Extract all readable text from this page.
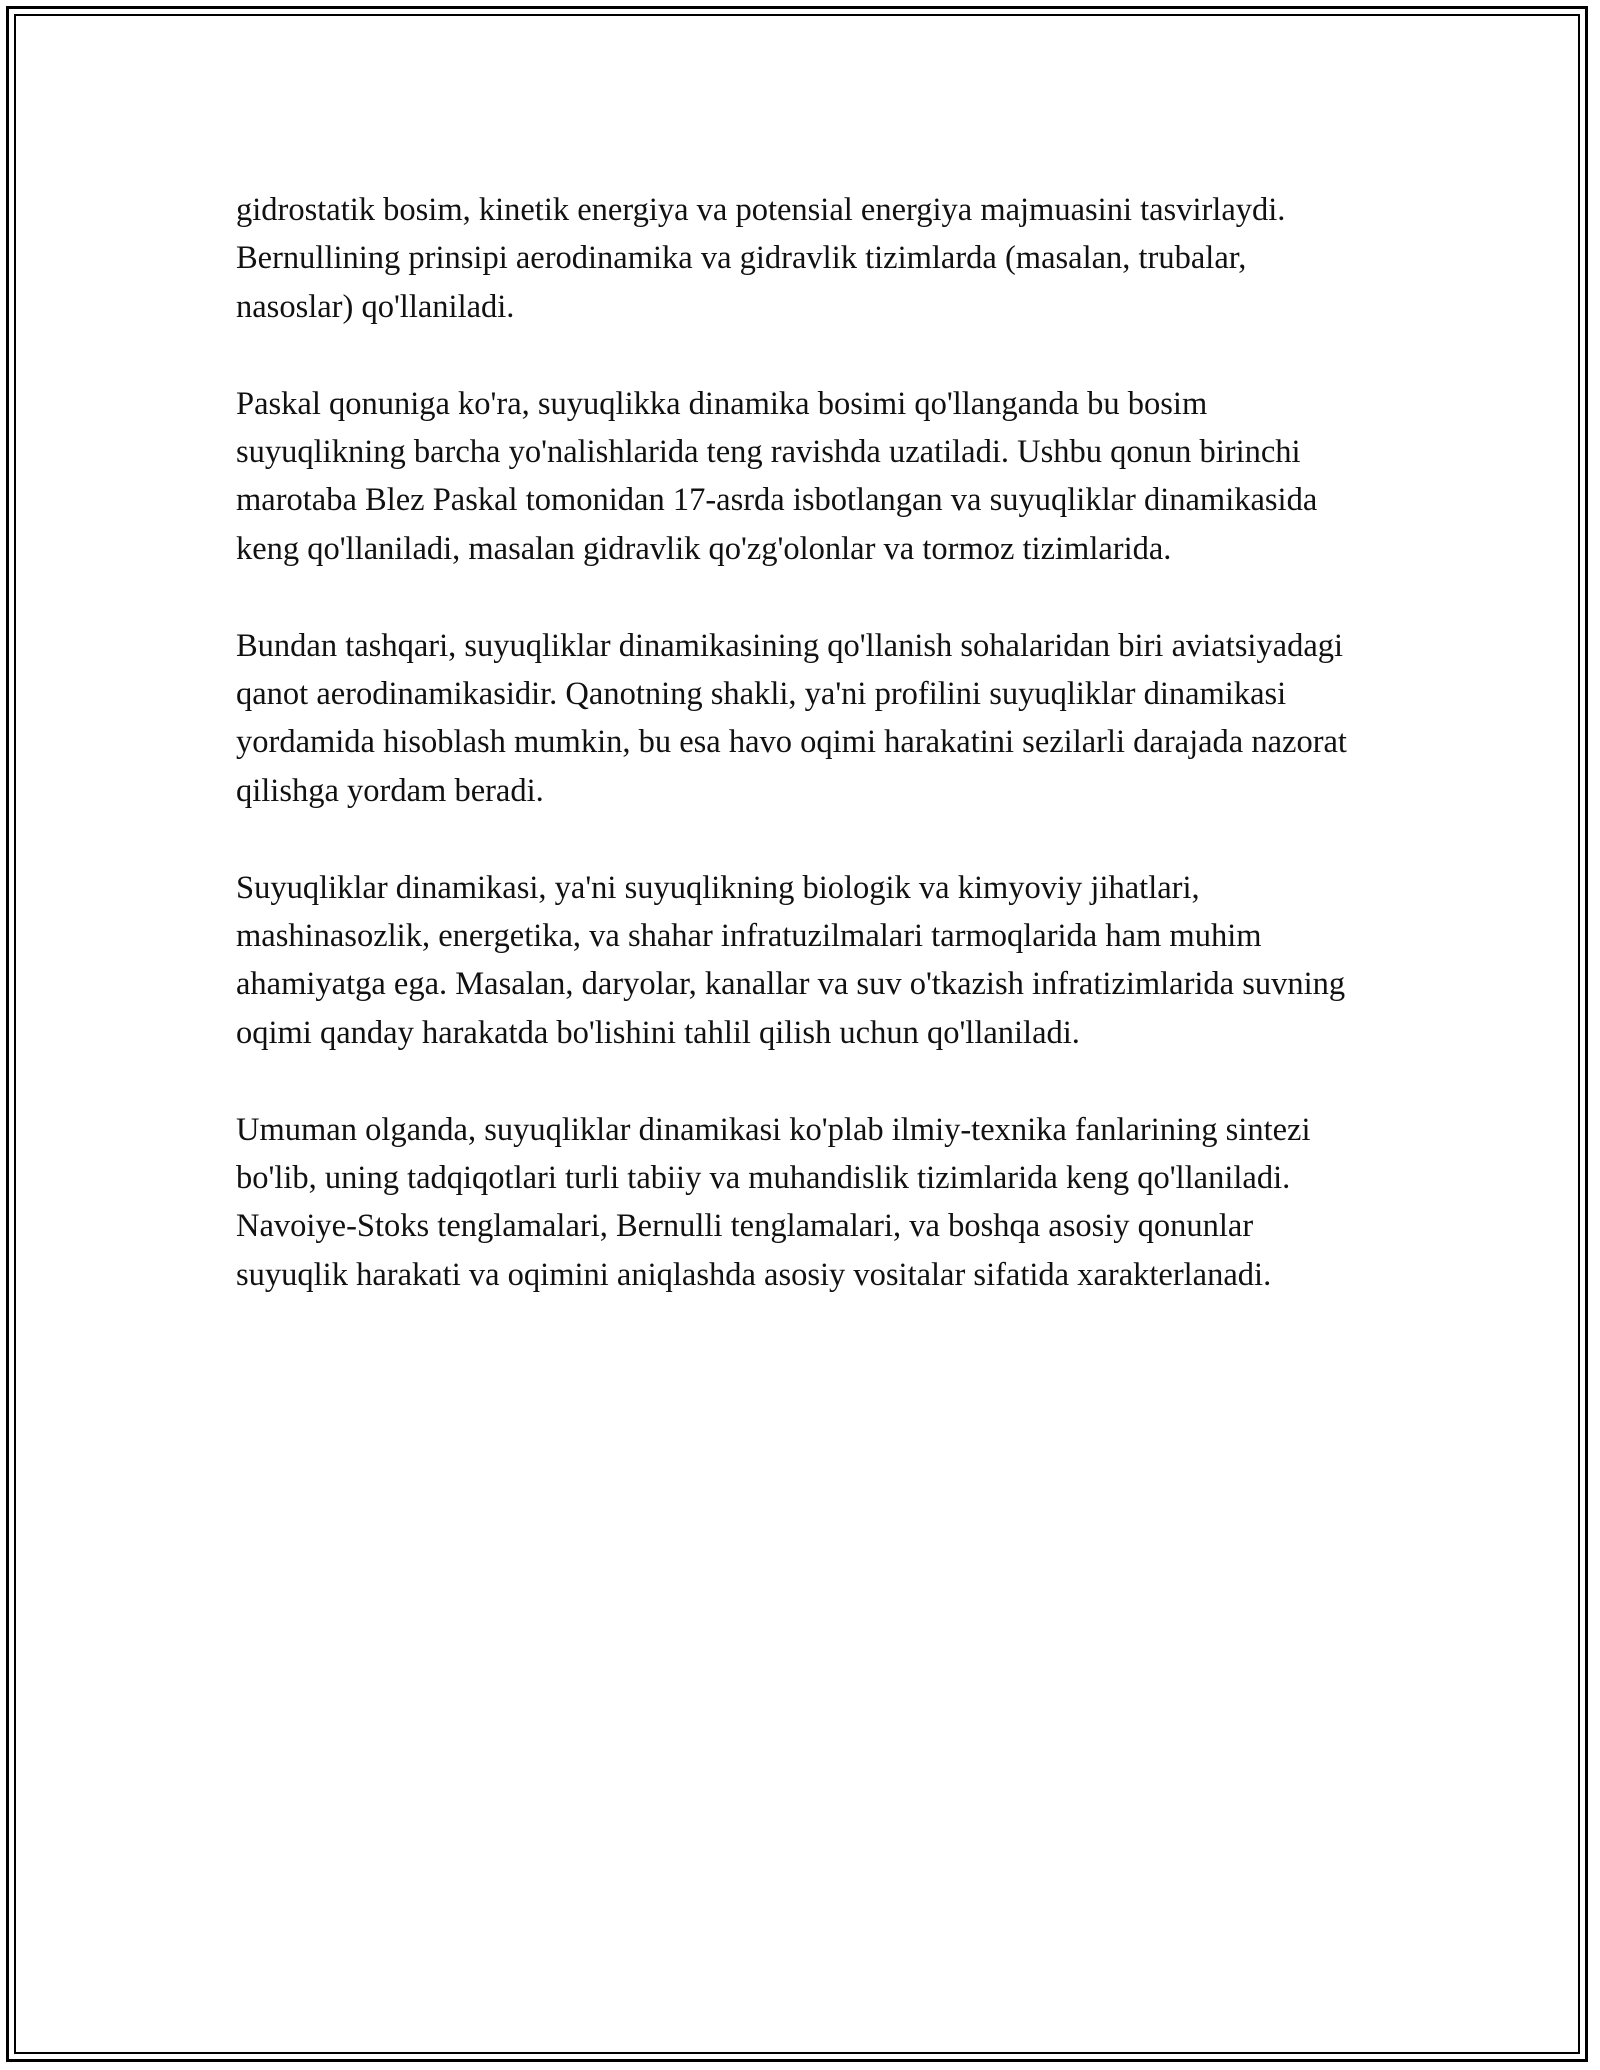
gidrostatik bosim, kinetik energiya va potensial energiya majmuasini tasvirlaydi. Bernullining prinsipi aerodinamika va gidravlik tizimlarda (masalan, trubalar, nasoslar) qo'llaniladi.

Paskal qonuniga ko'ra, suyuqlikka dinamika bosimi qo'llanganda bu bosim suyuqlikning barcha yo'nalishlarida teng ravishda uzatiladi. Ushbu qonun birinchi marotaba Blez Paskal tomonidan 17-asrda isbotlangan va suyuqliklar dinamikasida keng qo'llaniladi, masalan gidravlik qo'zg'olonlar va tormoz tizimlarida.

Bundan tashqari, suyuqliklar dinamikasining qo'llanish sohalaridan biri aviatsiyadagi qanot aerodinamikasidir. Qanotning shakli, ya'ni profilini suyuqliklar dinamikasi yordamida hisoblash mumkin, bu esa havo oqimi harakatini sezilarli darajada nazorat qilishga yordam beradi.

Suyuqliklar dinamikasi, ya'ni suyuqlikning biologik va kimyoviy jihatlari, mashinasozlik, energetika, va shahar infratuzilmalari tarmoqlarida ham muhim ahamiyatga ega. Masalan, daryolar, kanallar va suv o'tkazish infratizimlarida suvning oqimi qanday harakatda bo'lishini tahlil qilish uchun qo'llaniladi.

Umuman olganda, suyuqliklar dinamikasi ko'plab ilmiy-texnika fanlarining sintezi bo'lib, uning tadqiqotlari turli tabiiy va muhandislik tizimlarida keng qo'llaniladi. Navoiye-Stoks tenglamalari, Bernulli tenglamalari, va boshqa asosiy qonunlar suyuqlik harakati va oqimini aniqlashda asosiy vositalar sifatida xarakterlanadi.
